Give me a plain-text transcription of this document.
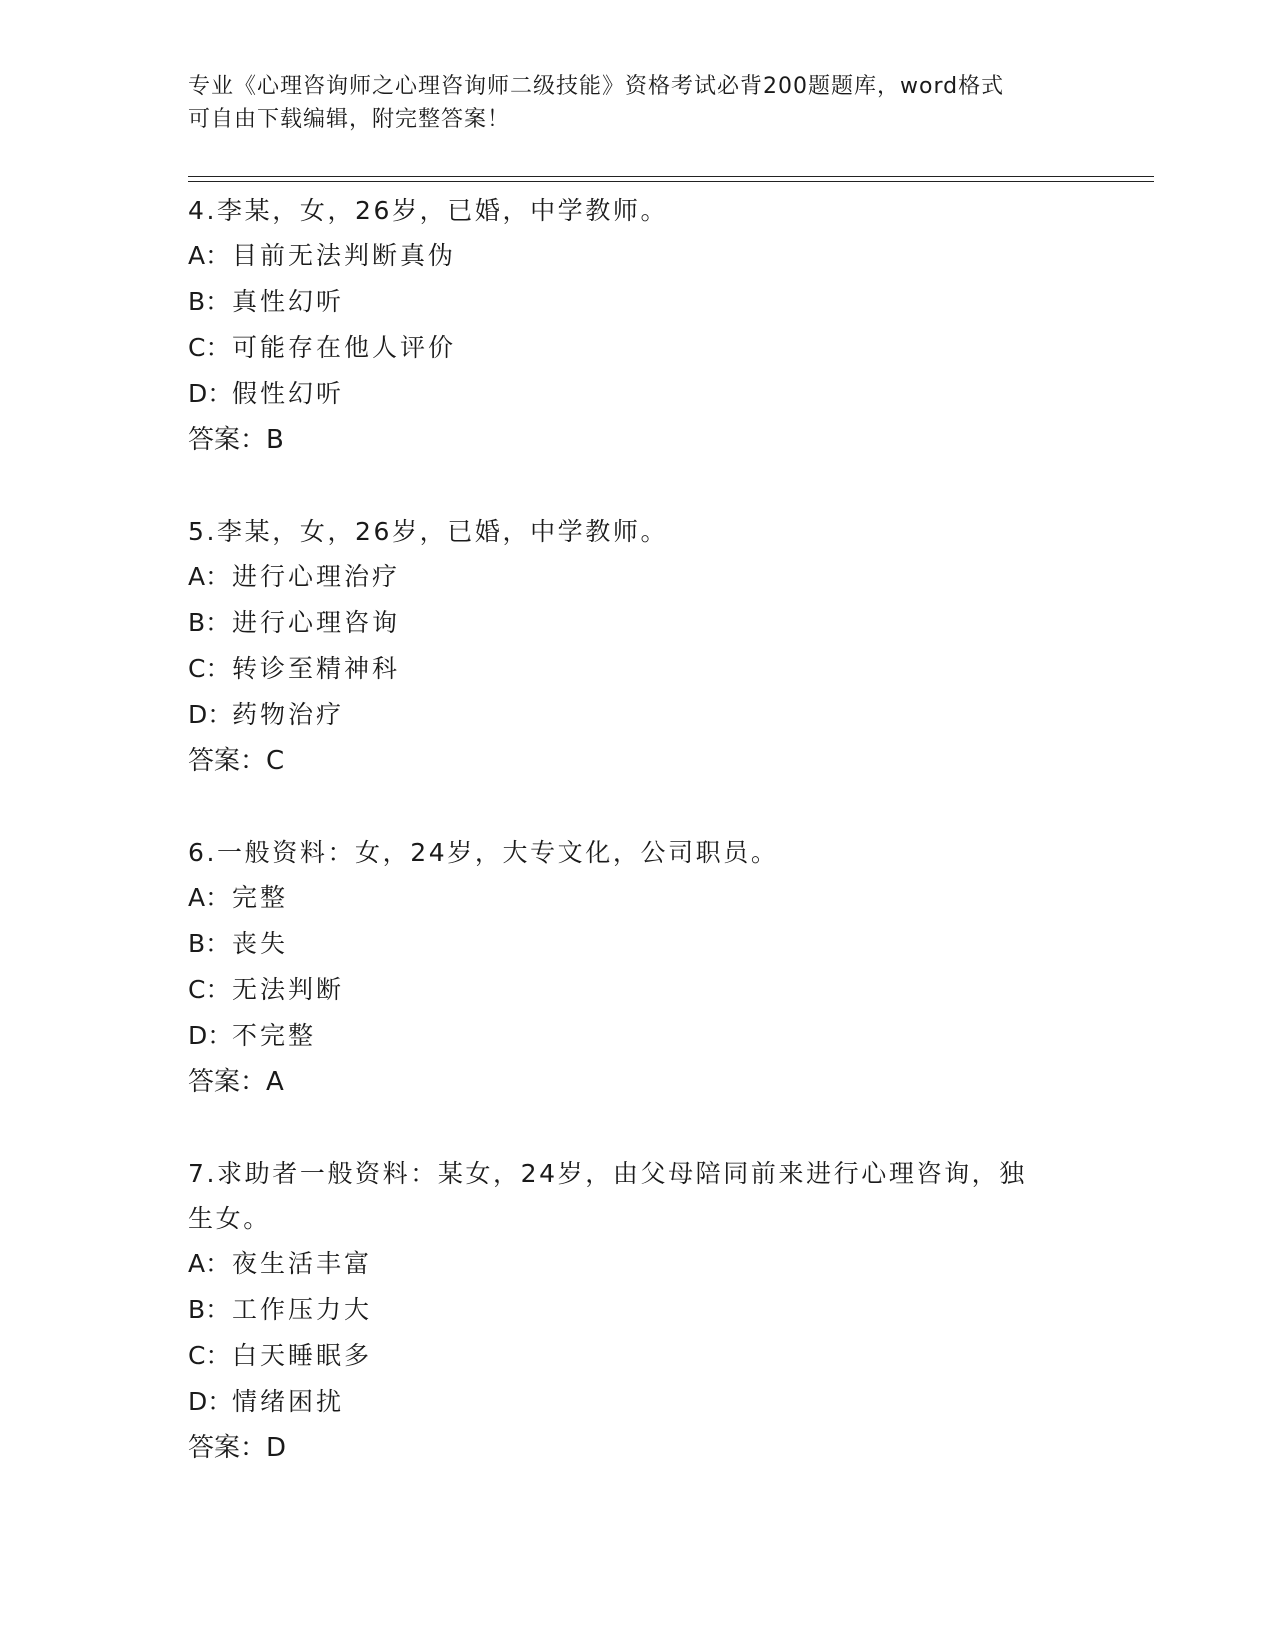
专业《心理咨询师之心理咨询师二级技能》资格考试必背200题题库，word格式
可自由下载编辑，附完整答案！
4.李某，女，26岁，已婚，中学教师。
A：目前无法判断真伪
B：真性幻听
C：可能存在他人评价
D：假性幻听
答案：B
5.李某，女，26岁，已婚，中学教师。
A：进行心理治疗
B：进行心理咨询
C：转诊至精神科
D：药物治疗
答案：C
6.一般资料：女，24岁，大专文化，公司职员。
A：完整
B：丧失
C：无法判断
D：不完整
答案：A
7.求助者一般资料：某女，24岁，由父母陪同前来进行心理咨询，独
生女。
A：夜生活丰富
B：工作压力大
C：白天睡眠多
D：情绪困扰
答案：D
